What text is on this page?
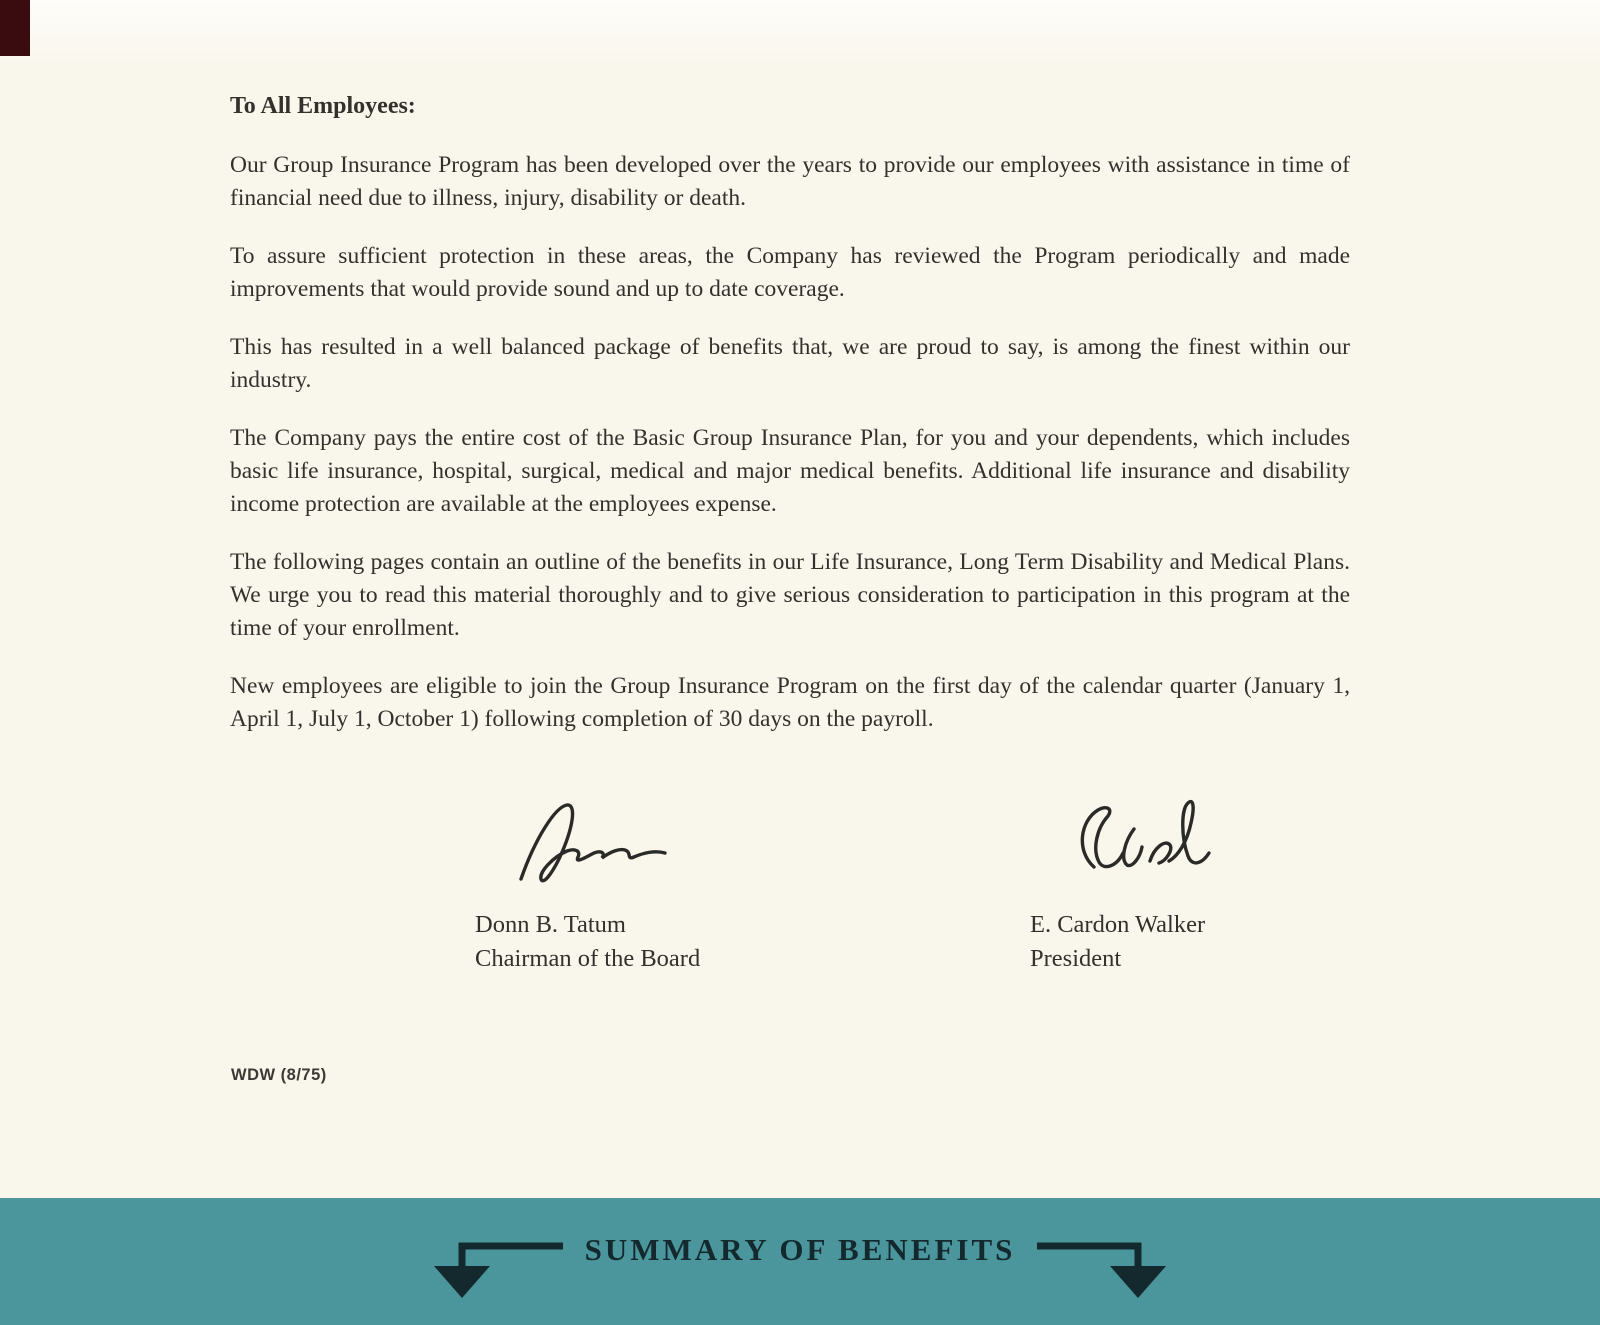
To All Employees:

Our Group Insurance Program has been developed over the years to provide our employees with assistance in time of financial need due to illness, injury, disability or death.

To assure sufficient protection in these areas, the Company has reviewed the Program periodically and made improvements that would provide sound and up to date coverage.

This has resulted in a well balanced package of benefits that, we are proud to say, is among the finest within our industry.

The Company pays the entire cost of the Basic Group Insurance Plan, for you and your dependents, which includes basic life insurance, hospital, surgical, medical and major medical benefits. Additional life insurance and disability income protection are available at the employees expense.

The following pages contain an outline of the benefits in our Life Insurance, Long Term Disability and Medical Plans. We urge you to read this material thoroughly and to give serious consideration to participation in this program at the time of your enrollment.

New employees are eligible to join the Group Insurance Program on the first day of the calendar quarter (January 1, April 1, July 1, October 1) following completion of 30 days on the payroll.

Donn B. Tatum
Chairman of the Board
E. Cardon Walker
President
WDW (8/75)
SUMMARY OF BENEFITS
